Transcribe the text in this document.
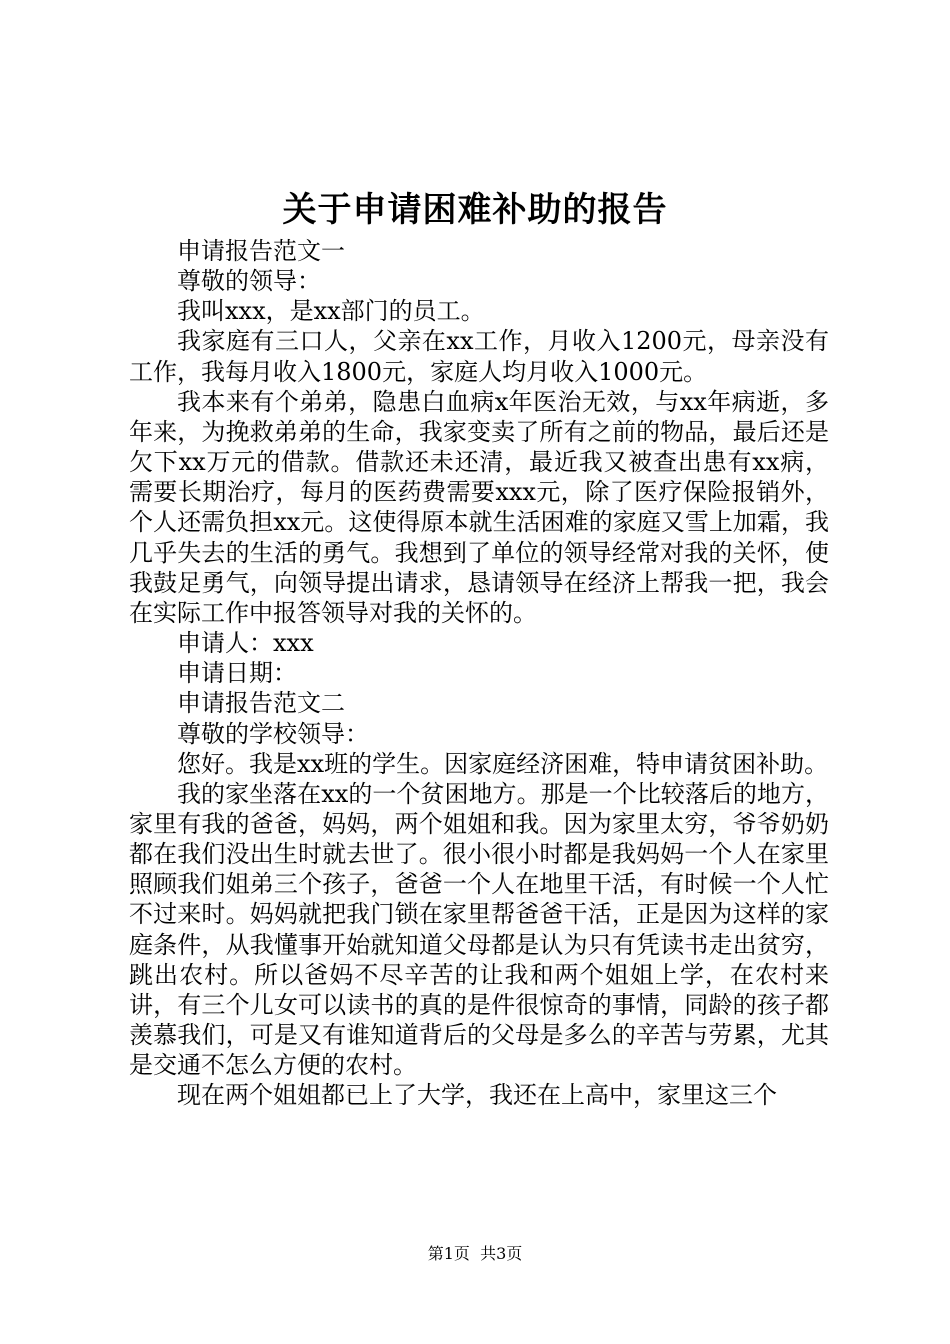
关于申请困难补助的报告

申请报告范文一

尊敬的领导：

我叫xxx，是xx部门的员工。

我家庭有三口人，父亲在xx工作，月收入1200元，母亲没有工作，我每月收入1800元，家庭人均月收入1000元。

我本来有个弟弟，隐患白血病x年医治无效，与xx年病逝，多年来，为挽救弟弟的生命，我家变卖了所有之前的物品，最后还是欠下xx万元的借款。借款还未还清，最近我又被查出患有xx病，需要长期治疗，每月的医药费需要xxx元，除了医疗保险报销外，个人还需负担xx元。这使得原本就生活困难的家庭又雪上加霜，我几乎失去的生活的勇气。我想到了单位的领导经常对我的关怀，使我鼓足勇气，向领导提出请求，恳请领导在经济上帮我一把，我会在实际工作中报答领导对我的关怀的。

申请人：xxx

申请日期：

申请报告范文二

尊敬的学校领导：

您好。我是xx班的学生。因家庭经济困难，特申请贫困补助。

我的家坐落在xx的一个贫困地方。那是一个比较落后的地方，家里有我的爸爸，妈妈，两个姐姐和我。因为家里太穷，爷爷奶奶都在我们没出生时就去世了。很小很小时都是我妈妈一个人在家里照顾我们姐弟三个孩子，爸爸一个人在地里干活，有时候一个人忙不过来时。妈妈就把我门锁在家里帮爸爸干活，正是因为这样的家庭条件，从我懂事开始就知道父母都是认为只有凭读书走出贫穷，跳出农村。所以爸妈不尽辛苦的让我和两个姐姐上学，在农村来讲，有三个儿女可以读书的真的是件很惊奇的事情，同龄的孩子都羡慕我们，可是又有谁知道背后的父母是多么的辛苦与劳累，尤其是交通不怎么方便的农村。

现在两个姐姐都已上了大学，我还在上高中，家里这三个

第1页 共3页
